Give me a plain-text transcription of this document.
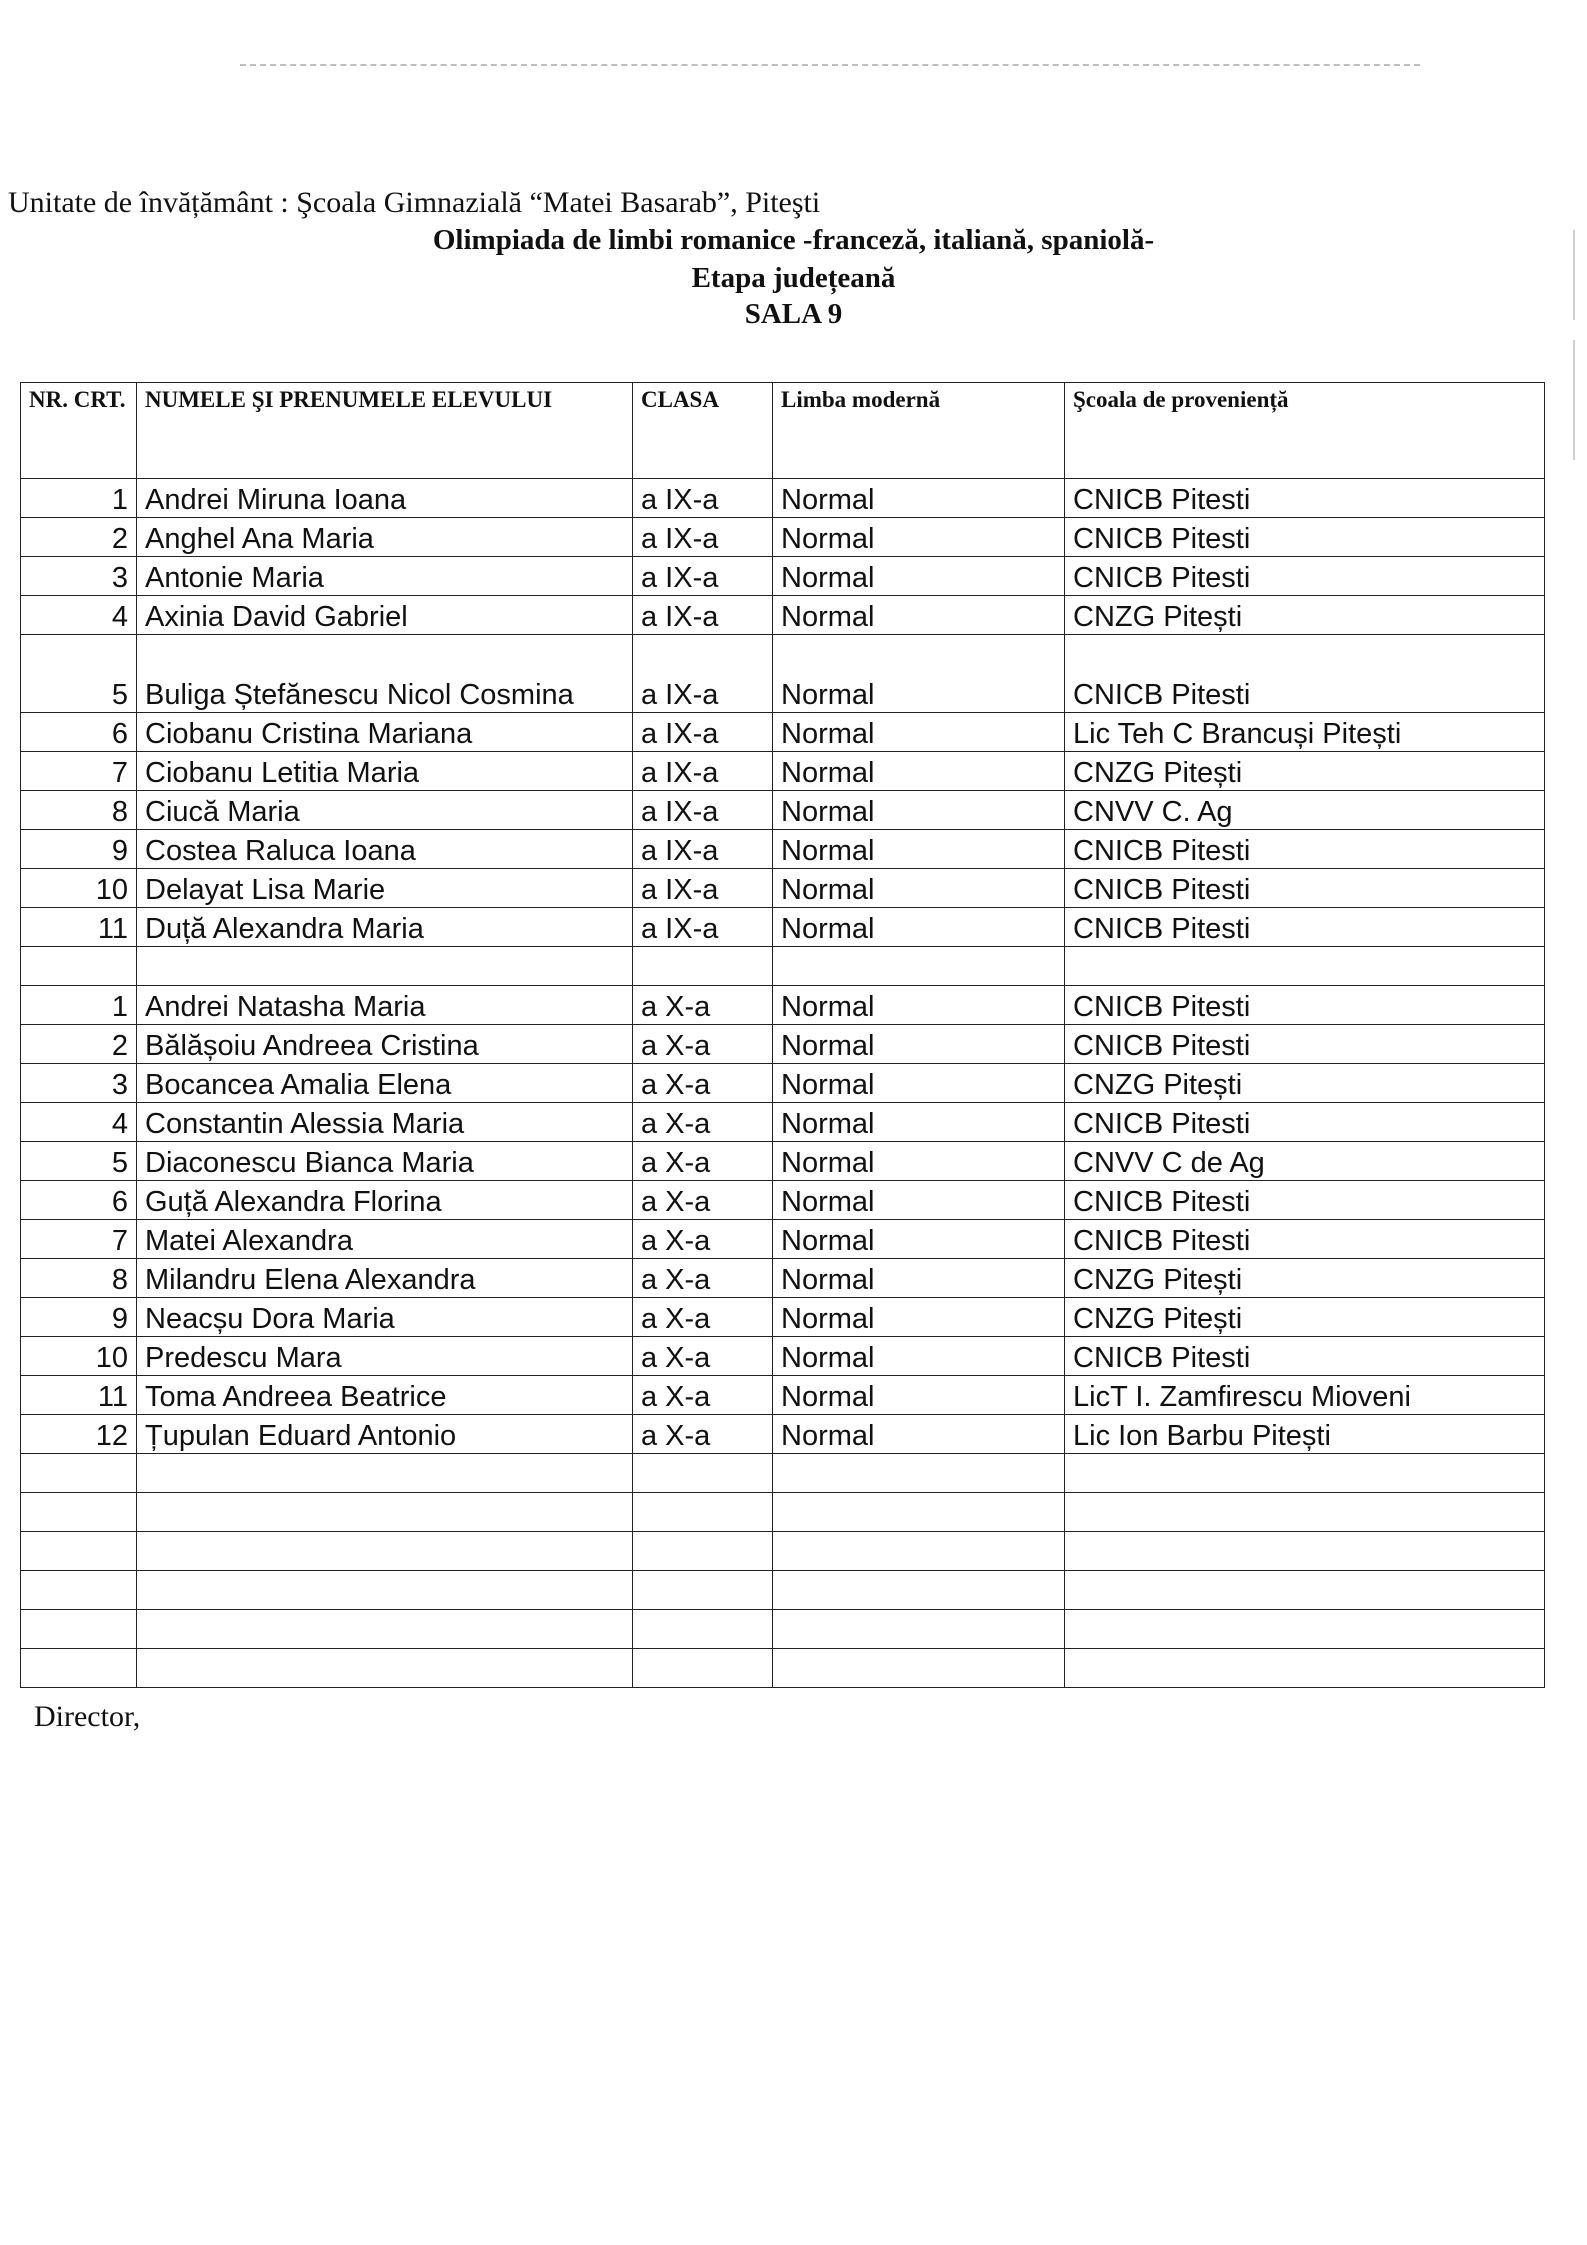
Unitate de învățământ : Şcoala Gimnazială “Matei Basarab”, Piteşti
Olimpiada de limbi romanice -franceză, italiană, spaniolă-
Etapa județeană
SALA 9
NR. CRT.	NUMELE ŞI PRENUMELE ELEVULUI	CLASA	Limba modernă	Şcoala de proveniență
1	Andrei Miruna Ioana	a IX-a	Normal	CNICB Pitesti
2	Anghel Ana Maria	a IX-a	Normal	CNICB Pitesti
3	Antonie Maria	a IX-a	Normal	CNICB Pitesti
4	Axinia David Gabriel	a IX-a	Normal	CNZG Pitești
5	Buliga Ștefănescu Nicol Cosmina	a IX-a	Normal	CNICB Pitesti
6	Ciobanu Cristina Mariana	a IX-a	Normal	Lic Teh C Brancuși Pitești
7	Ciobanu Letitia Maria	a IX-a	Normal	CNZG Pitești
8	Ciucă Maria	a IX-a	Normal	CNVV C. Ag
9	Costea Raluca Ioana	a IX-a	Normal	CNICB Pitesti
10	Delayat Lisa Marie	a IX-a	Normal	CNICB Pitesti
11	Duță Alexandra Maria	a IX-a	Normal	CNICB Pitesti

1	Andrei Natasha Maria	a X-a	Normal	CNICB Pitesti
2	Bălășoiu Andreea Cristina	a X-a	Normal	CNICB Pitesti
3	Bocancea Amalia Elena	a X-a	Normal	CNZG Pitești
4	Constantin Alessia Maria	a X-a	Normal	CNICB Pitesti
5	Diaconescu Bianca Maria	a X-a	Normal	CNVV C de Ag
6	Guță Alexandra Florina	a X-a	Normal	CNICB Pitesti
7	Matei Alexandra	a X-a	Normal	CNICB Pitesti
8	Milandru Elena Alexandra	a X-a	Normal	CNZG Pitești
9	Neacșu Dora Maria	a X-a	Normal	CNZG Pitești
10	Predescu Mara	a X-a	Normal	CNICB Pitesti
11	Toma Andreea Beatrice	a X-a	Normal	LicT I. Zamfirescu Mioveni
12	Țupulan Eduard Antonio	a X-a	Normal	Lic Ion Barbu Pitești

Director,
